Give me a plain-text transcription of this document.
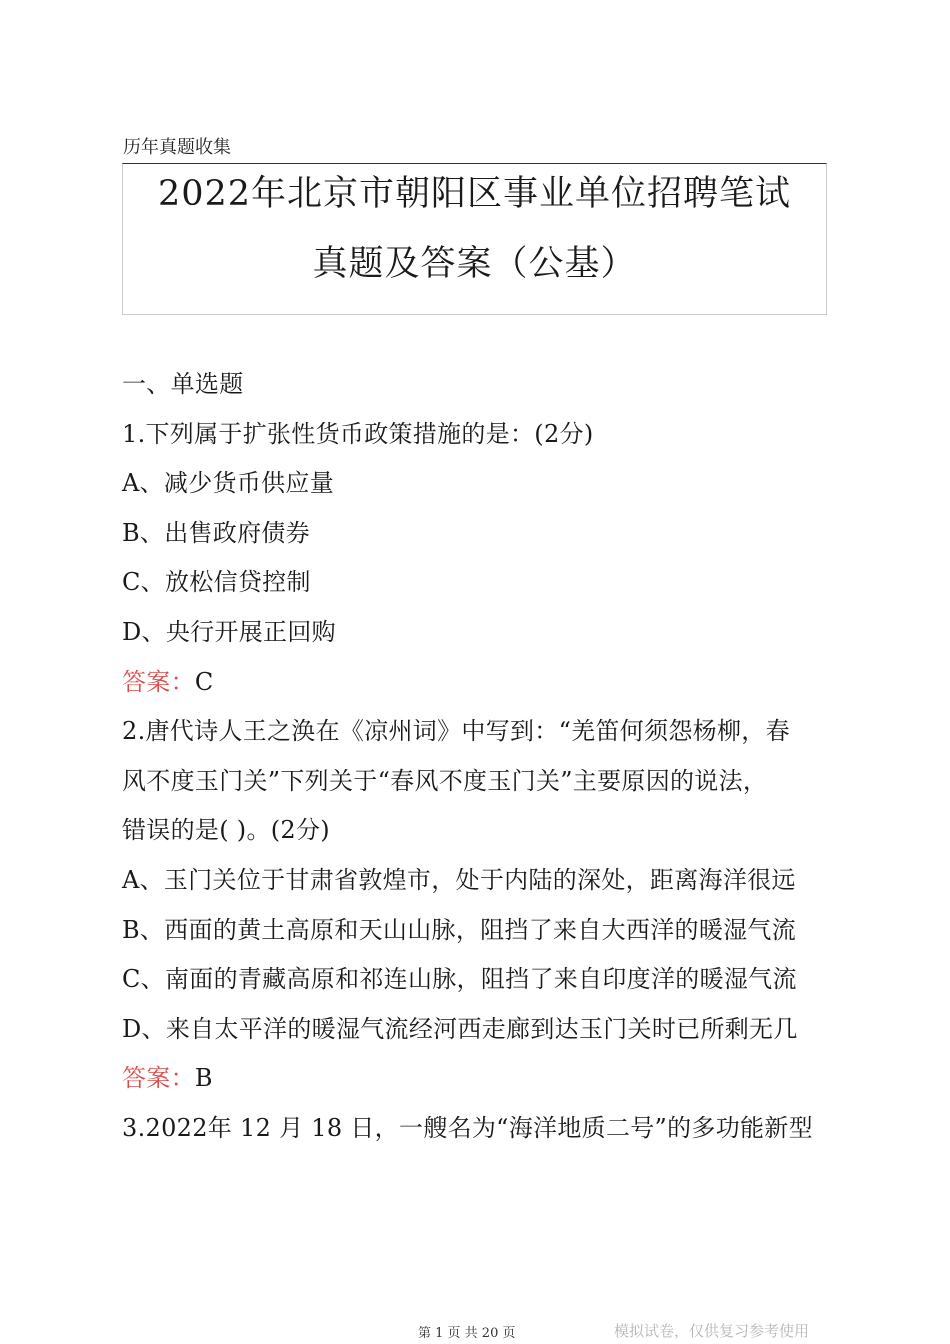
历年真题收集
2022年北京市朝阳区事业单位招聘笔试
真题及答案（公基）
一、单选题
1.下列属于扩张性货币政策措施的是：(2分)
A、减少货币供应量
B、出售政府债券
C、放松信贷控制
D、央行开展正回购
答案：C
2.唐代诗人王之涣在《凉州词》中写到：“羌笛何须怨杨柳，春
风不度玉门关”下列关于“春风不度玉门关”主要原因的说法，
错误的是( )。(2分)
A、玉门关位于甘肃省敦煌市，处于内陆的深处，距离海洋很远
B、西面的黄土高原和天山山脉，阻挡了来自大西洋的暖湿气流
C、南面的青藏高原和祁连山脉，阻挡了来自印度洋的暖湿气流
D、来自太平洋的暖湿气流经河西走廊到达玉门关时已所剩无几
答案：B
3.2022年 12 月 18 日，一艘名为“海洋地质二号”的多功能新型
第 1 页 共 20 页	模拟试卷，仅供复习参考使用
